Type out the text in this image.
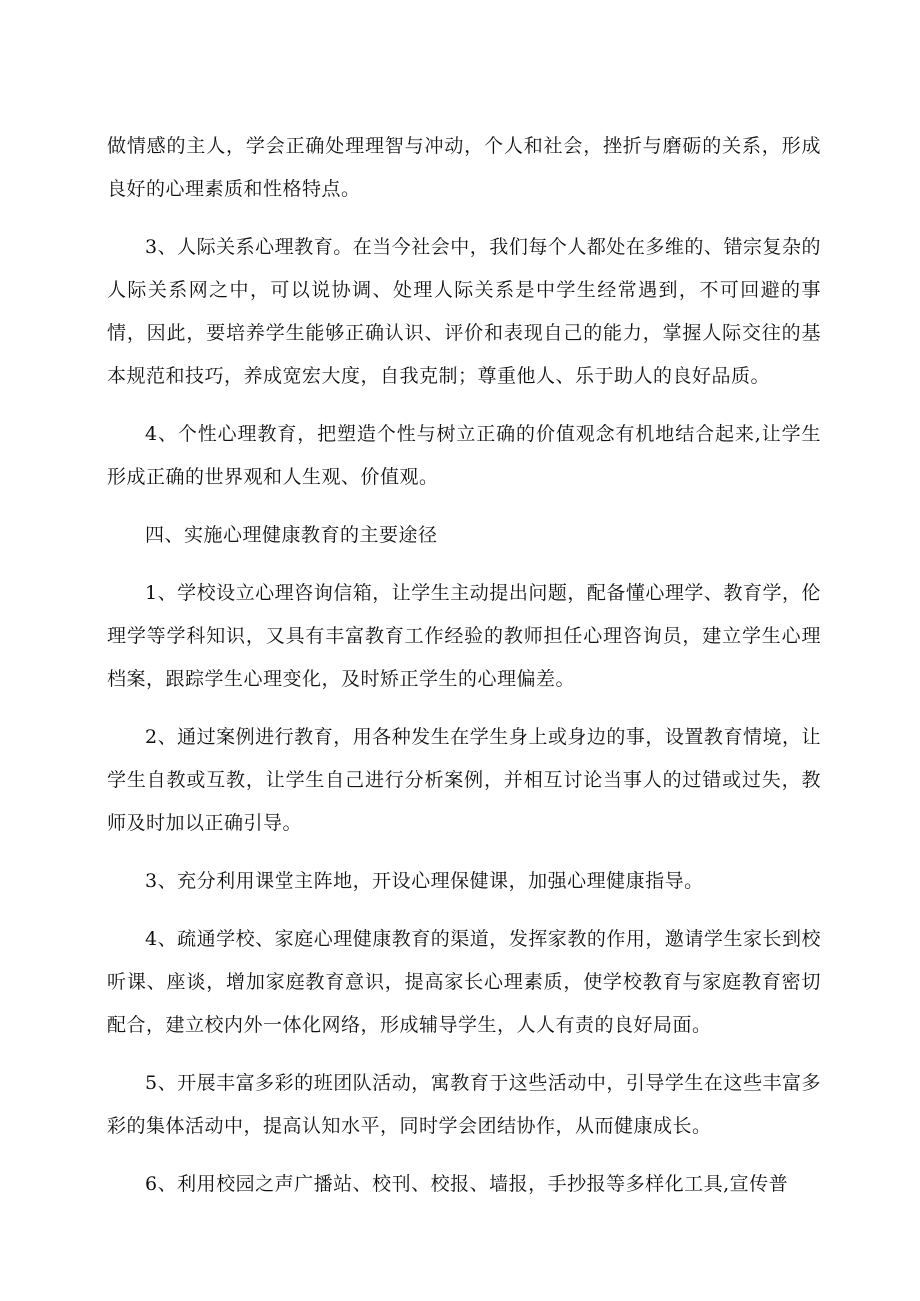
做情感的主人，学会正确处理理智与冲动，个人和社会，挫折与磨砺的关系，形成良好的心理素质和性格特点。

3、人际关系心理教育。在当今社会中，我们每个人都处在多维的、错宗复杂的人际关系网之中，可以说协调、处理人际关系是中学生经常遇到，不可回避的事情，因此，要培养学生能够正确认识、评价和表现自己的能力，掌握人际交往的基本规范和技巧，养成宽宏大度，自我克制；尊重他人、乐于助人的良好品质。

4、个性心理教育，把塑造个性与树立正确的价值观念有机地结合起来,让学生形成正确的世界观和人生观、价值观。

四、实施心理健康教育的主要途径

1、学校设立心理咨询信箱，让学生主动提出问题，配备懂心理学、教育学，伦理学等学科知识，又具有丰富教育工作经验的教师担任心理咨询员，建立学生心理档案，跟踪学生心理变化，及时矫正学生的心理偏差。

2、通过案例进行教育，用各种发生在学生身上或身边的事，设置教育情境，让学生自教或互教，让学生自己进行分析案例，并相互讨论当事人的过错或过失，教师及时加以正确引导。

3、充分利用课堂主阵地，开设心理保健课，加强心理健康指导。

4、疏通学校、家庭心理健康教育的渠道，发挥家教的作用，邀请学生家长到校听课、座谈，增加家庭教育意识，提高家长心理素质，使学校教育与家庭教育密切配合，建立校内外一体化网络，形成辅导学生，人人有责的良好局面。

5、开展丰富多彩的班团队活动，寓教育于这些活动中，引导学生在这些丰富多彩的集体活动中，提高认知水平，同时学会团结协作，从而健康成长。

6、利用校园之声广播站、校刊、校报、墙报，手抄报等多样化工具,宣传普
